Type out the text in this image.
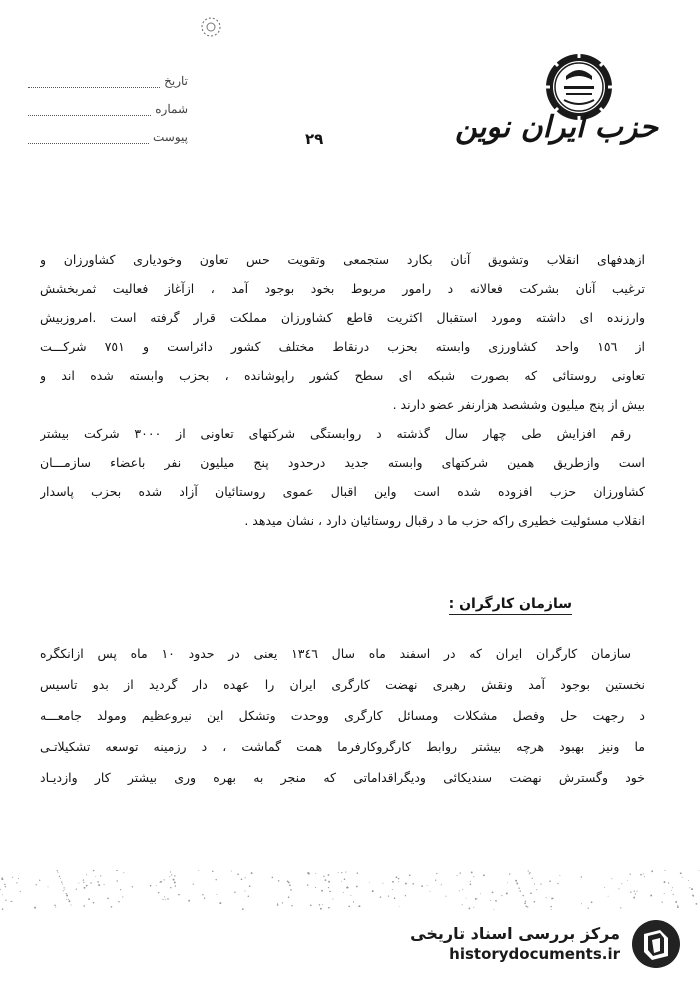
تاريخ
شماره
پيوست	٢٩	حزب ایران نوین
ازهدفهای انقلاب وتشویق آنان بکارد ستجمعی وتقویت حس تعاون وخودیاری کشاورزان و
ترغیب آنان بشرکت فعالانه د رامور مربوط بخود بوجود آمد ، ازآغاز فعالیت ثمربخشش
وارزنده ای داشته ومورد استقبال اکثریت قاطع کشاورزان مملکت قرار گرفته است .امروزبیش
از ١٥٦ واحد کشاورزی وابسته بحزب درنقاط مختلف کشور دائراست و ٧٥١ شرکـــت
تعاونی روستائی که بصورت شبکه ای سطح کشور راپوشانده ، بحزب وابسته شده اند و
بیش از پنج میلیون وششصد هزارنفر عضو دارند .
رقم افزایش طی چهار سال گذشته د روابستگی شرکتهای تعاونی از ٣٠٠٠ شرکت بیشتر
است وازطریق همین شرکتهای وابسته جدید درحدود پنج میلیون نفر باعضاء سازمـــان
کشاورزان حزب افزوده شده است واین اقبال عموی روستائیان آزاد شده بحزب پاسدار
انقلاب مسئولیت خطیری راکه حزب ما د رقبال روستائیان دارد ، نشان میدهد .
سازمان کارگران :
سازمان کارگران ایران که در اسفند ماه سال ١٣٤٦ یعنی در حدود ١٠ ماه پس ازانکگره
نخستین بوجود آمد ونقش رهبری نهضت کارگری ایران را عهده دار گردید از بدو تاسیس
د رجهت حل وفصل مشکلات ومسائل کارگری ووحدت وتشکل این نیروعظیم ومولد جامعـــه
ما ونیز بهبود هرچه بیشتر روابط کارگروکارفرما همت گماشت ، د رزمینه توسعه تشکیلاتـی
خود وگسترش نهضت سندیکائی ودیگراقداماتی که منجر به بهره وری بیشتر کار وازدیـاد
مرکز بررسی اسناد تاریخی
historydocuments.ir
